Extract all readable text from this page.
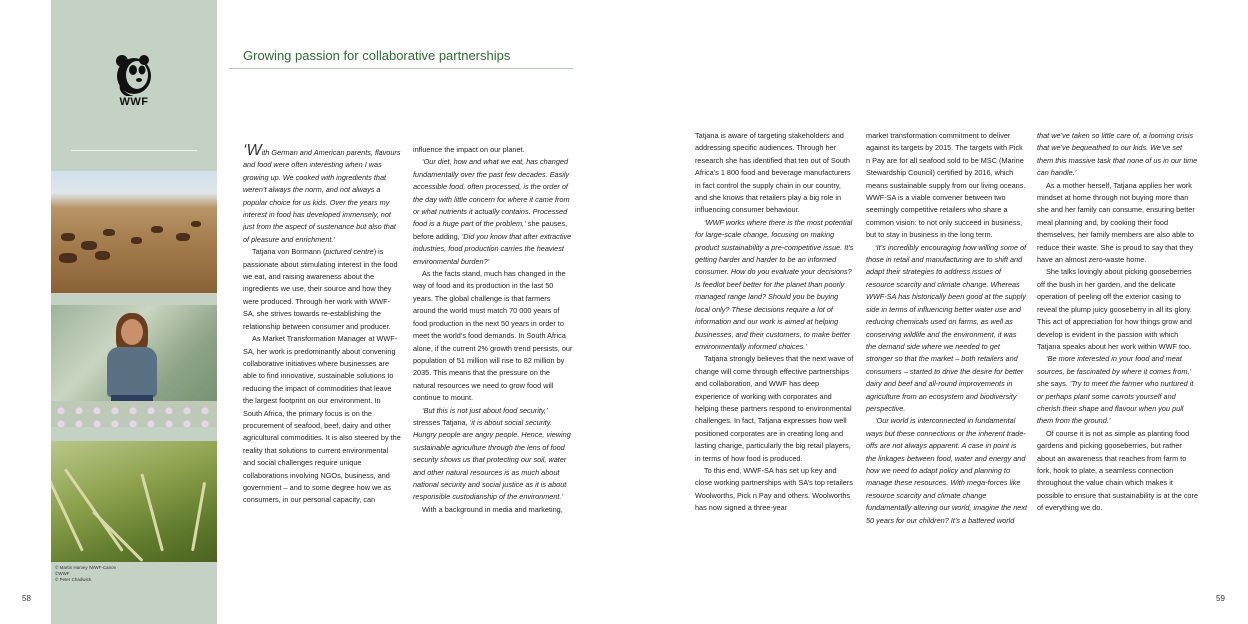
WWF
© Martin Harvey /WWF-Canon
©WWF
© Peter Chadwick
58	59
Growing passion for collaborative partnerships

‘With German and American parents, flavours and food were often interesting when I was growing up. We cooked with ingredients that weren’t always the norm, and not always a popular choice for us kids. Over the years my interest in food has developed immensely, not just from the aspect of sustenance but also that of pleasure and enrichment.’

Tatjana von Bormann (pictured centre) is passionate about stimulating interest in the food we eat, and raising awareness about the ingredients we use, their source and how they were produced. Through her work with WWF-SA, she strives towards re-establishing the relationship between consumer and producer.

As Market Transformation Manager at WWF-SA, her work is predominantly about convening collaborative initiatives where businesses are able to find innovative, sustainable solutions to reducing the impact of commodities that leave the largest footprint on our environment. In South Africa, the primary focus is on the procurement of seafood, beef, dairy and other agricultural commodities. It is also steered by the reality that solutions to current environmental and social challenges require unique collaborations involving NGOs, business, and government – and to some degree how we as consumers, in our personal capacity, can

influence the impact on our planet.

‘Our diet, how and what we eat, has changed fundamentally over the past few decades. Easily accessible food, often processed, is the order of the day with little concern for where it came from or what nutrients it actually contains. Processed food is a huge part of the problem,’ she pauses, before adding, ‘Did you know that after extractive industries, food production carries the heaviest environmental burden?’

As the facts stand, much has changed in the way of food and its production in the last 50 years. The global challenge is that farmers around the world must match 70 000 years of food production in the next 50 years in order to meet the world’s food demands. In South Africa alone, if the current 2% growth trend persists, our population of 51 million will rise to 82 million by 2035. This means that the pressure on the natural resources we need to grow food will continue to mount.

‘But this is not just about food security,’ stresses Tatjana, ‘it is about social security. Hungry people are angry people. Hence, viewing sustainable agriculture through the lens of food security shows us that protecting our soil, water and other natural resources is as much about national security and social justice as it is about responsible custodianship of the environment.’

With a background in media and marketing,

Tatjana is aware of targeting stakeholders and addressing specific audiences. Through her research she has identified that ten out of South Africa’s 1 800 food and beverage manufacturers in fact control the supply chain in our country, and she knows that retailers play a big role in influencing consumer behaviour.

‘WWF works where there is the most potential for large-scale change, focusing on making product sustainability a pre-competitive issue. It’s getting harder and harder to be an informed consumer. How do you evaluate your decisions? Is feedlot beef better for the planet than poorly managed range land? Should you be buying local only? These decisions require a lot of information and our work is aimed at helping businesses, and their customers, to make better environmentally informed choices.’

Tatjana strongly believes that the next wave of change will come through effective partnerships and collaboration, and WWF has deep experience of working with corporates and helping these partners respond to environmental challenges. In fact, Tatjana expresses how well positioned corporates are in creating long and lasting change, particularly the big retail players, in terms of how food is produced.

To this end, WWF-SA has set up key and close working partnerships with SA’s top retailers Woolworths, Pick n Pay and others. Woolworths has now signed a three-year

market transformation commitment to deliver against its targets by 2015. The targets with Pick n Pay are for all seafood sold to be MSC (Marine Stewardship Council) certified by 2016, which means sustainable supply from our living oceans. WWF-SA is a viable convener between two seemingly competitive retailers who share a common vision: to not only succeed in business, but to stay in business in the long term.

‘It’s incredibly encouraging how willing some of those in retail and manufacturing are to shift and adapt their strategies to address issues of resource scarcity and climate change. Whereas WWF-SA has historically been good at the supply side in terms of influencing better water use and reducing chemicals used on farms, as well as conserving wildlife and the environment, it was the demand side where we needed to get stronger so that the market – both retailers and consumers – started to drive the desire for better dairy and beef and all-round improvements in agriculture from an ecosystem and biodiversity perspective.

‘Our world is interconnected in fundamental ways but these connections or the inherent trade-offs are not always apparent. A case in point is the linkages between food, water and energy and how we need to adapt policy and planning to manage these resources. With mega-forces like resource scarcity and climate change fundamentally altering our world, imagine the next 50 years for our children? It’s a battered world

that we’ve taken so little care of, a looming crisis that we’ve bequeathed to our kids. We’ve set them this massive task that none of us in our time can handle.’

As a mother herself, Tatjana applies her work mindset at home through not buying more than she and her family can consume, ensuring better meal planning and, by cooking their food themselves, her family members are also able to reduce their waste. She is proud to say that they have an almost zero-waste home.

She talks lovingly about picking gooseberries off the bush in her garden, and the delicate operation of peeling off the exterior casing to reveal the plump juicy gooseberry in all its glory. This act of appreciation for how things grow and develop is evident in the passion with which Tatjana speaks about her work within WWF too.

‘Be more interested in your food and meat sources, be fascinated by where it comes from,’ she says. ‘Try to meet the farmer who nurtured it or perhaps plant some carrots yourself and cherish their shape and flavour when you pull them from the ground.’

Of course it is not as simple as planting food gardens and picking gooseberries, but rather about an awareness that reaches from farm to fork, hook to plate, a seamless connection throughout the value chain which makes it possible to ensure that sustainability is at the core of everything we do.
